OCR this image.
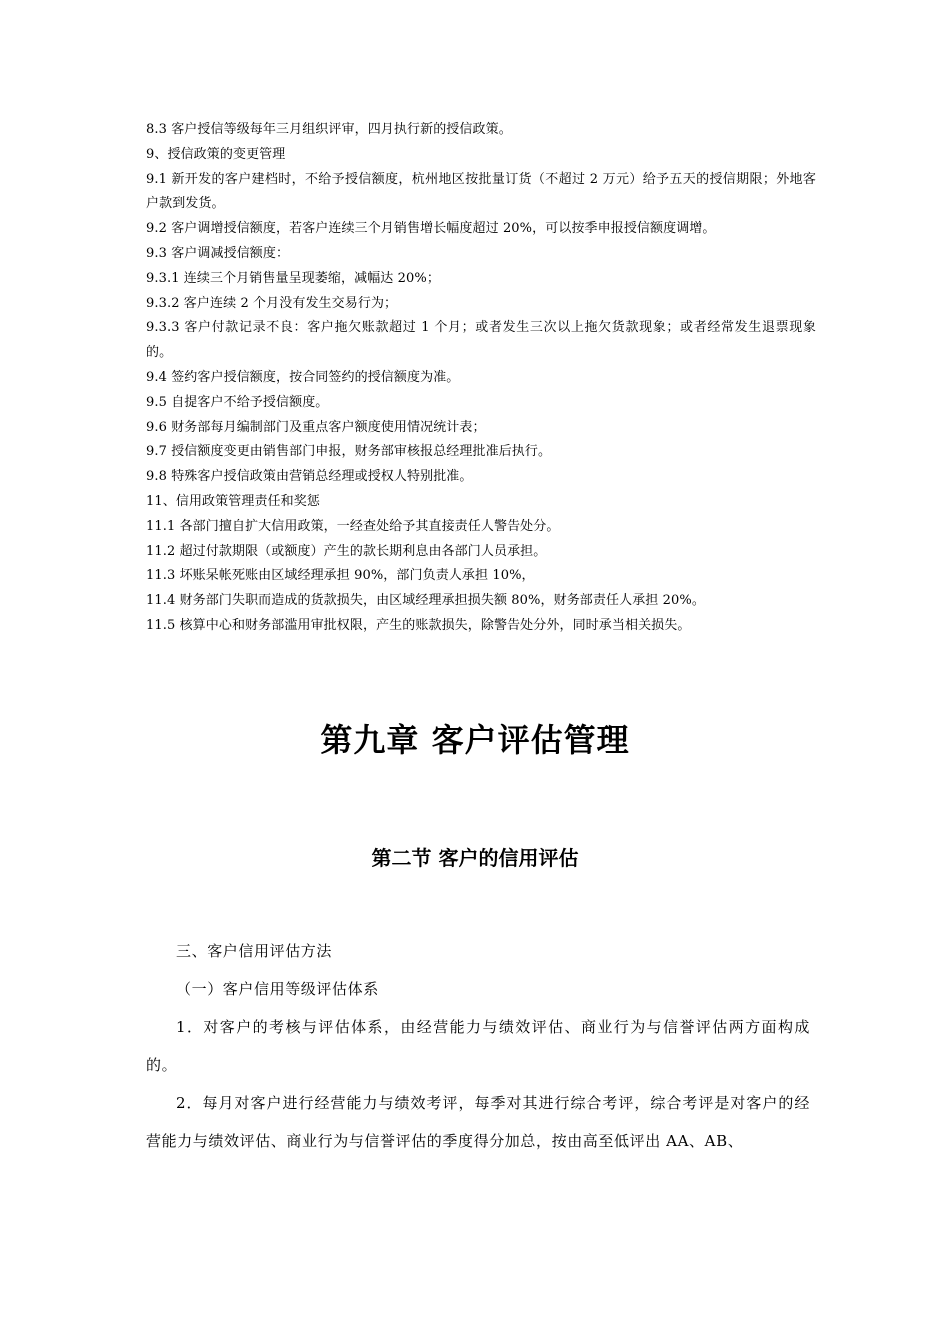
8.3 客户授信等级每年三月组织评审，四月执行新的授信政策。

9、授信政策的变更管理

9.1 新开发的客户建档时，不给予授信额度，杭州地区按批量订货（不超过 2 万元）给予五天的授信期限；外地客户款到发货。

9.2 客户调增授信额度，若客户连续三个月销售增长幅度超过 20%，可以按季申报授信额度调增。

9.3 客户调减授信额度：

9.3.1 连续三个月销售量呈现萎缩，减幅达 20%；

9.3.2 客户连续 2 个月没有发生交易行为；

9.3.3 客户付款记录不良：客户拖欠账款超过 1 个月；或者发生三次以上拖欠货款现象；或者经常发生退票现象的。

9.4 签约客户授信额度，按合同签约的授信额度为准。

9.5 自提客户不给予授信额度。

9.6 财务部每月编制部门及重点客户额度使用情况统计表；

9.7 授信额度变更由销售部门申报，财务部审核报总经理批准后执行。

9.8 特殊客户授信政策由营销总经理或授权人特别批准。

11、信用政策管理责任和奖惩

11.1 各部门擅自扩大信用政策，一经查处给予其直接责任人警告处分。

11.2 超过付款期限（或额度）产生的款长期利息由各部门人员承担。

11.3 坏账呆帐死账由区域经理承担 90%，部门负责人承担 10%，

11.4 财务部门失职而造成的货款损失，由区域经理承担损失额 80%，财务部责任人承担 20%。

11.5 核算中心和财务部滥用审批权限，产生的账款损失，除警告处分外，同时承当相关损失。

第九章 客户评估管理
第二节 客户的信用评估

三、客户信用评估方法

（一）客户信用等级评估体系

1．对客户的考核与评估体系，由经营能力与绩效评估、商业行为与信誉评估两方面构成的。

2．每月对客户进行经营能力与绩效考评，每季对其进行综合考评，综合考评是对客户的经营能力与绩效评估、商业行为与信誉评估的季度得分加总，按由高至低评出 AA、AB、
